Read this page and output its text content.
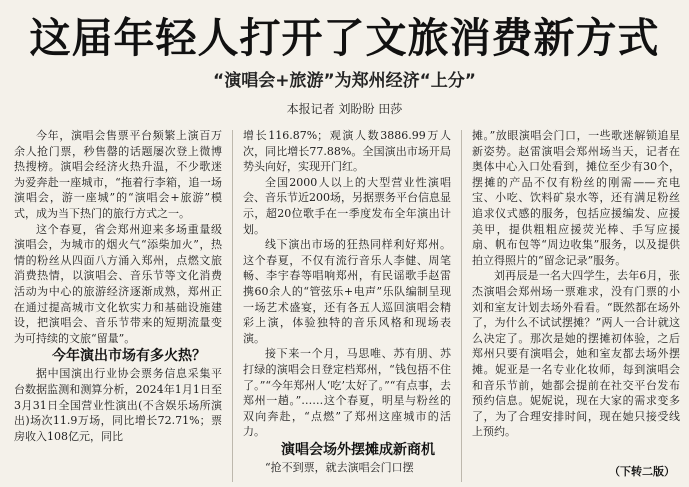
这届年轻人打开了文旅消费新方式
“演唱会+旅游”为郑州经济“上分”
本报记者 刘盼盼 田莎

今年，演唱会售票平台频繁上演百万余人抢门票，秒售罄的话题屡次登上微博热搜榜。演唱会经济火热升温，不少歌迷为爱奔赴一座城市，“拖着行李箱，追一场演唱会，游一座城”的“演唱会+旅游”模式，成为当下热门的旅行方式之一。

这个春夏，省会郑州迎来多场重量级演唱会，为城市的烟火气“添柴加火”，热情的粉丝从四面八方涌入郑州，点燃文旅消费热情，以演唱会、音乐节等文化消费活动为中心的旅游经济逐渐成熟，郑州正在通过提高城市文化软实力和基础设施建设，把演唱会、音乐节带来的短期流量变为可持续的文旅“留量”。

今年演出市场有多火热？

据中国演出行业协会票务信息采集平台数据监测和测算分析，2024年1月1日至3月31日全国营业性演出(不含娱乐场所演出)场次11.9万场，同比增长72.71%；票房收入108亿元，同比

增长116.87%；观演人数3886.99万人次，同比增长77.88%。全国演出市场开局势头向好，实现开门红。

全国2000人以上的大型营业性演唱会、音乐节近200场，另据票务平台信息显示，超20位歌手在一季度发布全年演出计划。

线下演出市场的狂热同样利好郑州。这个春夏，不仅有流行音乐人李健、周笔畅、李宇春等唱响郑州，有民谣歌手赵雷携60余人的“管弦乐+电声”乐队编制呈现一场艺术盛宴，还有各五人巡回演唱会精彩上演，体验独特的音乐风格和现场表演。

接下来一个月，马思唯、苏有朋、苏打绿的演唱会日登定档郑州，“钱包捂不住了。”“今年郑州人‘吃’太好了。”“有点事，去郑州一趟。”……这个春夏，明星与粉丝的双向奔赴，“点燃”了郑州这座城市的活力。

演唱会场外摆摊成新商机

“抢不到票，就去演唱会门口摆

摊。”放眼演唱会门口，一些歌迷解锁追星新姿势。赵雷演唱会郑州场当天，记者在奥体中心入口处看到，摊位至少有30个，摆摊的产品不仅有粉丝的刚需——充电宝、小吃、饮料矿泉水等，还有满足粉丝追求仪式感的服务，包括应援编发、应援美甲，提供粗粗应援荧光棒、手写应援扇、帆布包等“周边收集”服务，以及提供拍立得照片的“留念记录”服务。

刘再辰是一名大四学生，去年6月，张杰演唱会郑州场一票难求，没有门票的小刘和室友计划去场外看看。“既然都在场外了，为什么不试试摆摊？”两人一合计就这么决定了。那次是她的摆摊初体验，之后郑州只要有演唱会，她和室友都去场外摆摊。妮亚是一名专业化妆师，每到演唱会和音乐节前，她都会提前在社交平台发布预约信息。妮妮说，现在大家的需求变多了，为了合理安排时间，现在她只接受线上预约。

（下转二版）
